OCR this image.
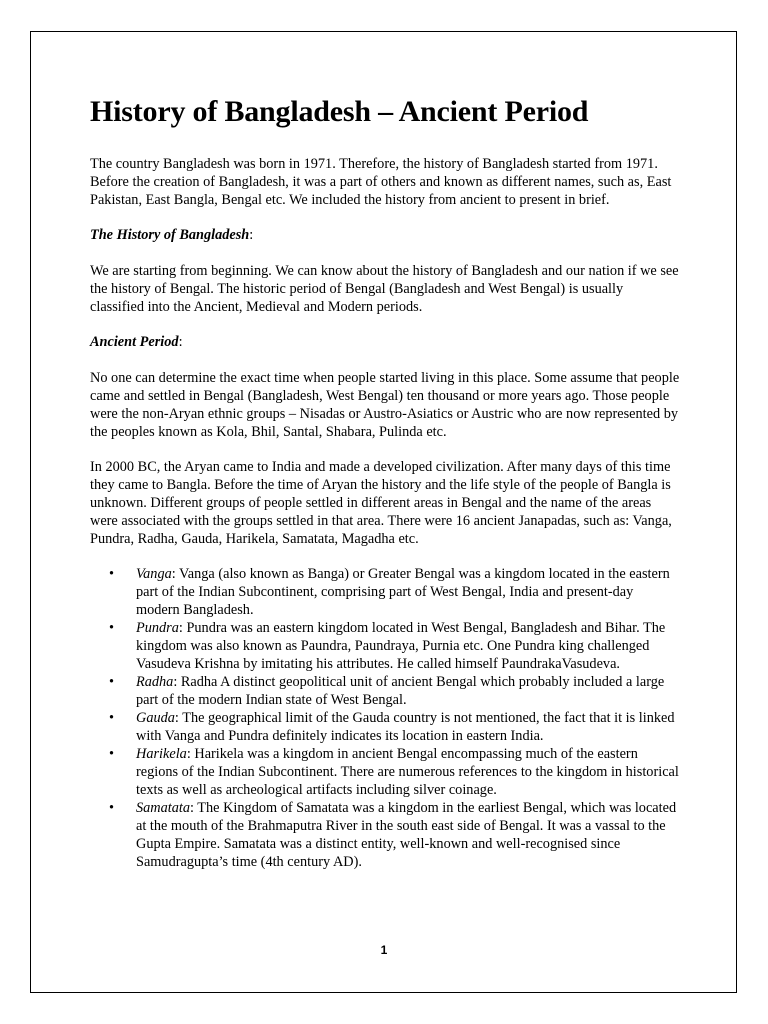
History of Bangladesh – Ancient Period

The country Bangladesh was born in 1971. Therefore, the history of Bangladesh started from 1971. Before the creation of Bangladesh, it was a part of others and known as different names, such as, East Pakistan, East Bangla, Bengal etc. We included the history from ancient to present in brief.

The History of Bangladesh:

We are starting from beginning. We can know about the history of Bangladesh and our nation if we see the history of Bengal. The historic period of Bengal (Bangladesh and West Bengal) is usually classified into the Ancient, Medieval and Modern periods.

Ancient Period:

No one can determine the exact time when people started living in this place. Some assume that people came and settled in Bengal (Bangladesh, West Bengal) ten thousand or more years ago. Those people were the non-Aryan ethnic groups – Nisadas or Austro-Asiatics or Austric who are now represented by the peoples known as Kola, Bhil, Santal, Shabara, Pulinda etc.

In 2000 BC, the Aryan came to India and made a developed civilization. After many days of this time they came to Bangla. Before the time of Aryan the history and the life style of the people of Bangla is unknown. Different groups of people settled in different areas in Bengal and the name of the areas were associated with the groups settled in that area. There were 16 ancient Janapadas, such as: Vanga, Pundra, Radha, Gauda, Harikela, Samatata, Magadha etc.

• Vanga: Vanga (also known as Banga) or Greater Bengal was a kingdom located in the eastern part of the Indian Subcontinent, comprising part of West Bengal, India and present-day modern Bangladesh.
• Pundra: Pundra was an eastern kingdom located in West Bengal, Bangladesh and Bihar. The kingdom was also known as Paundra, Paundraya, Purnia etc. One Pundra king challenged Vasudeva Krishna by imitating his attributes. He called himself PaundrakaVasudeva.
• Radha: Radha A distinct geopolitical unit of ancient Bengal which probably included a large part of the modern Indian state of West Bengal.
• Gauda: The geographical limit of the Gauda country is not mentioned, the fact that it is linked with Vanga and Pundra definitely indicates its location in eastern India.
• Harikela: Harikela was a kingdom in ancient Bengal encompassing much of the eastern regions of the Indian Subcontinent. There are numerous references to the kingdom in historical texts as well as archeological artifacts including silver coinage.
• Samatata: The Kingdom of Samatata was a kingdom in the earliest Bengal, which was located at the mouth of the Brahmaputra River in the south east side of Bengal. It was a vassal to the Gupta Empire. Samatata was a distinct entity, well-known and well-recognised since Samudragupta’s time (4th century AD).
1
